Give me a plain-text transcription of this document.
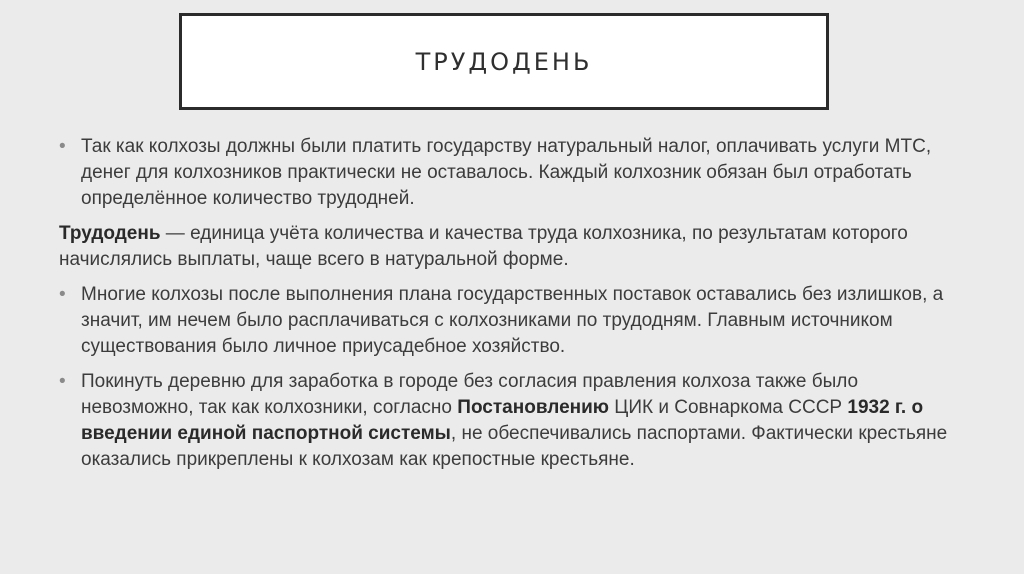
ТРУДОДЕНЬ

• Так как колхозы должны были платить государству натуральный налог, оплачивать услуги МТС, денег для колхозников практически не оставалось. Каждый колхозник обязан был отработать определённое количество трудодней.

Трудодень — единица учёта количества и качества труда колхозника, по результатам которого начислялись выплаты, чаще всего в натуральной форме.

• Многие колхозы после выполнения плана государственных поставок оставались без излишков, а значит, им нечем было расплачиваться с колхозниками по трудодням. Главным источником существования было личное приусадебное хозяйство.

• Покинуть деревню для заработка в городе без согласия правления колхоза также было невозможно, так как колхозники, согласно Постановлению ЦИК и Совнаркома СССР 1932 г. о введении единой паспортной системы, не обеспечивались паспортами. Фактически крестьяне оказались прикреплены к колхозам как крепостные крестьяне.
